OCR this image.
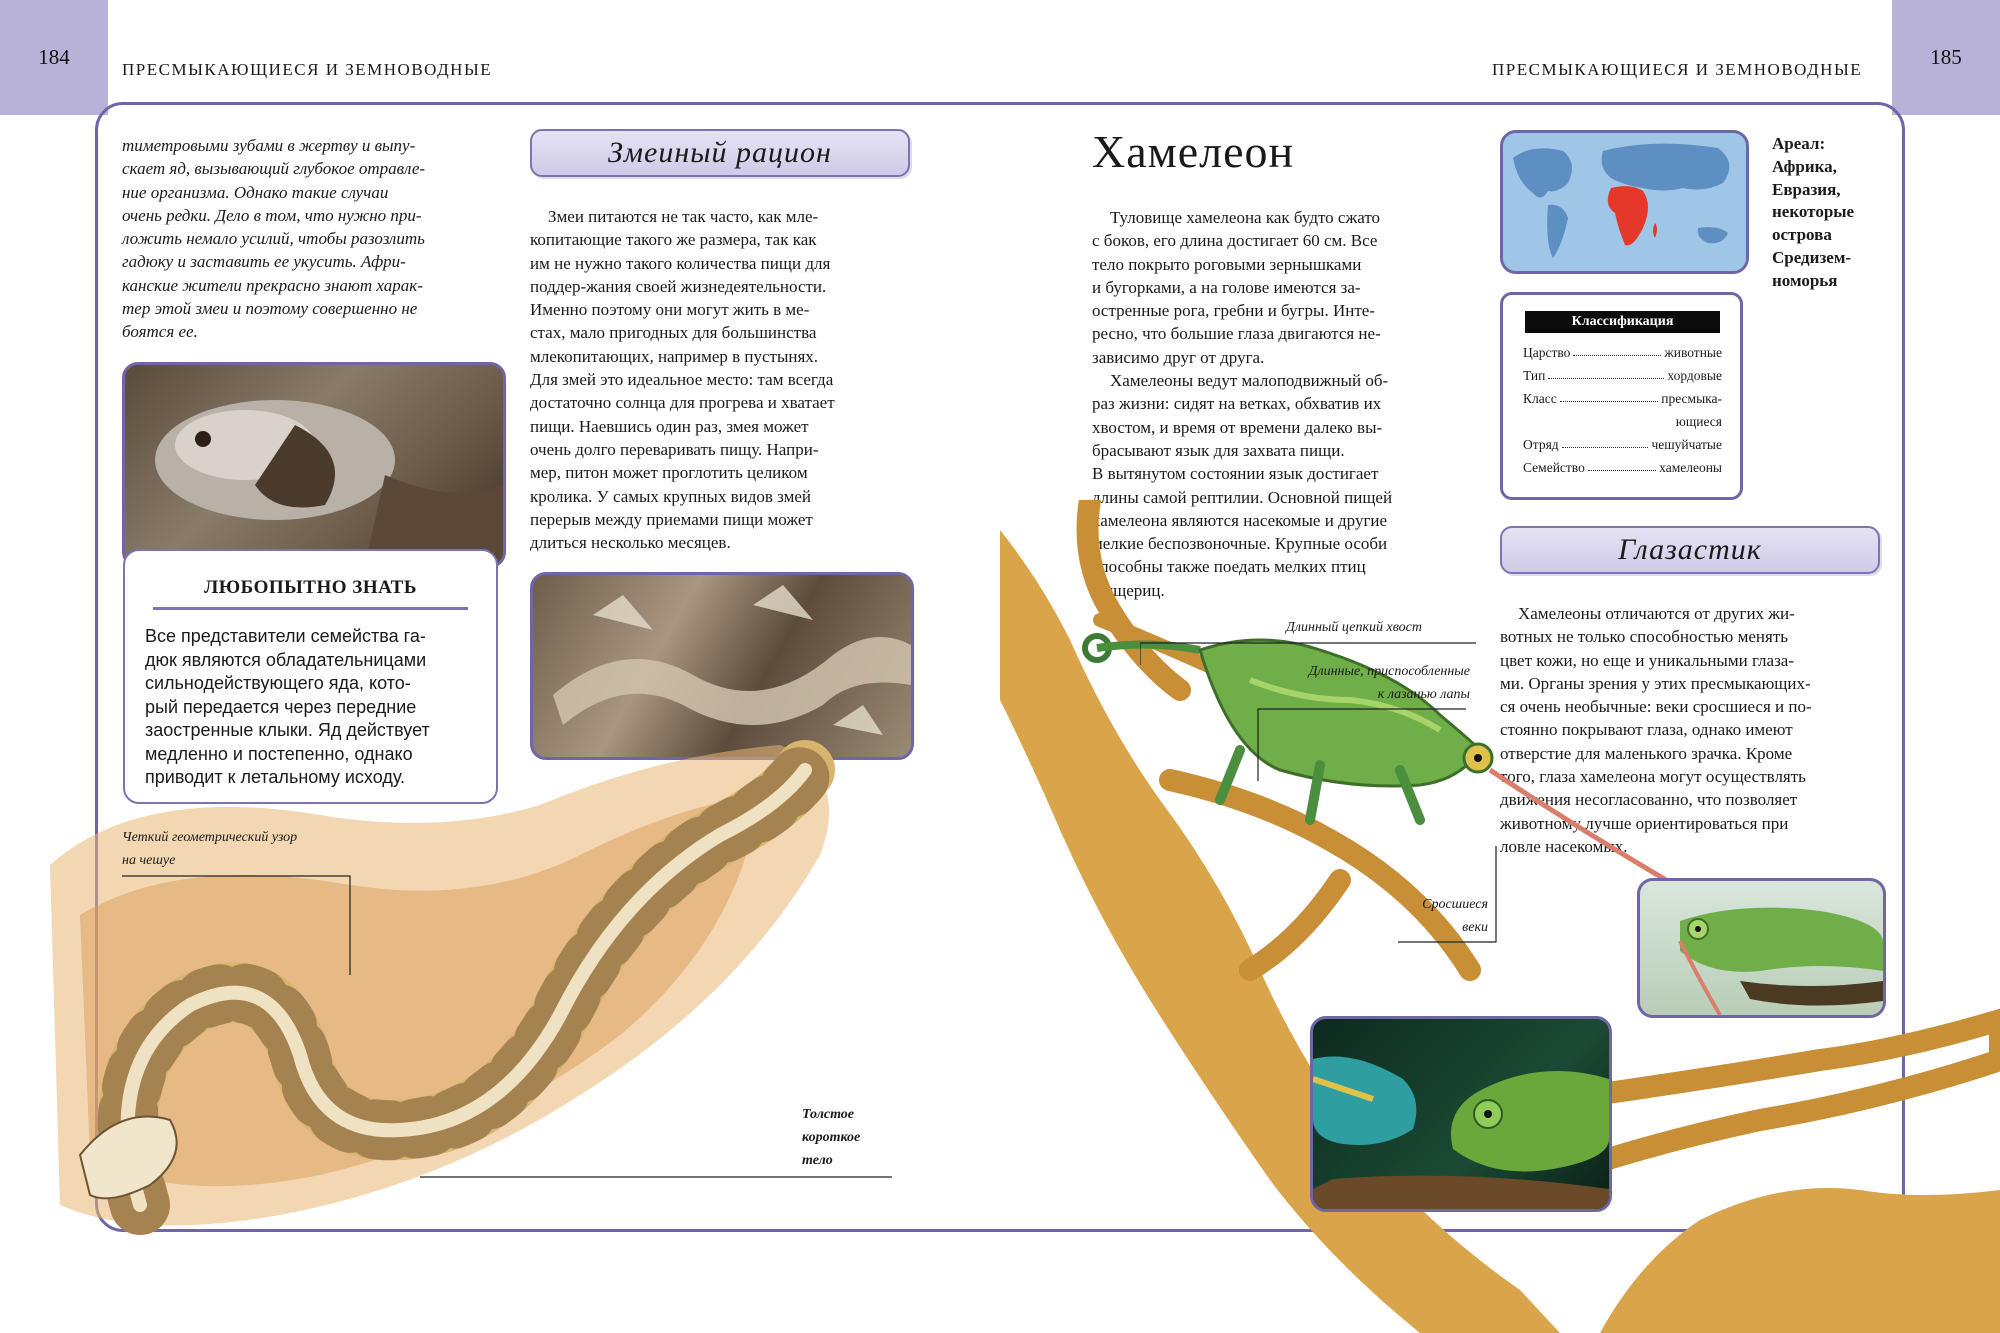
184	185
ПРЕСМЫКАЮЩИЕСЯ И ЗЕМНОВОДНЫЕ	ПРЕСМЫКАЮЩИЕСЯ И ЗЕМНОВОДНЫЕ
тиметровыми зубами в жертву и выпу-
скает яд, вызывающий глубокое отравле-
ние организма. Однако такие случаи
очень редки. Дело в том, что нужно при-
ложить немало усилий, чтобы разозлить
гадюку и заставить ее укусить. Афри-
канские жители прекрасно знают харак-
тер этой змеи и поэтому совершенно не
боятся ее.
Змеиный рацион
Змеи питаются не так часто, как мле-
копитающие такого же размера, так как
им не нужно такого количества пищи для
поддер-жания своей жизнедеятельности.
Именно поэтому они могут жить в ме-
стах, мало пригодных для большинства
млекопитающих, например в пустынях.
Для змей это идеальное место: там всегда
достаточно солнца для прогрева и хватает
пищи. Наевшись один раз, змея может
очень долго переваривать пищу. Напри-
мер, питон может проглотить целиком
кролика. У самых крупных видов змей
перерыв между приемами пищи может
длиться несколько месяцев.
ЛЮБОПЫТНО ЗНАТЬ
Все представители семейства га-
дюк являются обладательницами
сильнодействующего яда, кото-
рый передается через передние
заостренные клыки. Яд действует
медленно и постепенно, однако
приводит к летальному исходу.
Четкий геометрический узор
на чешуе
Толстое
короткое
тело
Хамелеон
Туловище хамелеона как будто сжато
с боков, его длина достигает 60 см. Все
тело покрыто роговыми зернышками
и бугорками, а на голове имеются за-
остренные рога, гребни и бугры. Инте-
ресно, что большие глаза двигаются не-
зависимо друг от друга.
Хамелеоны ведут малоподвижный об-
раз жизни: сидят на ветках, обхватив их
хвостом, и время от времени далеко вы-
брасывают язык для захвата пищи.
В вытянутом состоянии язык достигает
длины самой рептилии. Основной пищей
хамелеона являются насекомые и другие
мелкие беспозвоночные. Крупные особи
способны также поедать мелких птиц
и ящериц.
Ареал:
Африка,
Евразия,
некоторые
острова
Средизем-
номорья
Классификация
Царство	животные
Тип	хордовые
Класс	пресмыка-
ющиеся
Отряд	чешуйчатые
Семейство	хамелеоны
Глазастик
Хамелеоны отличаются от других жи-
вотных не только способностью менять
цвет кожи, но еще и уникальными глаза-
ми. Органы зрения у этих пресмыкающих-
ся очень необычные: веки сросшиеся и по-
стоянно покрывают глаза, однако имеют
отверстие для маленького зрачка. Кроме
того, глаза хамелеона могут осуществлять
движения несогласованно, что позволяет
животному лучше ориентироваться при
ловле насекомых.
Длинный цепкий хвост
Длинные, приспособленные
к лазанью лапы
Сросшиеся
веки
